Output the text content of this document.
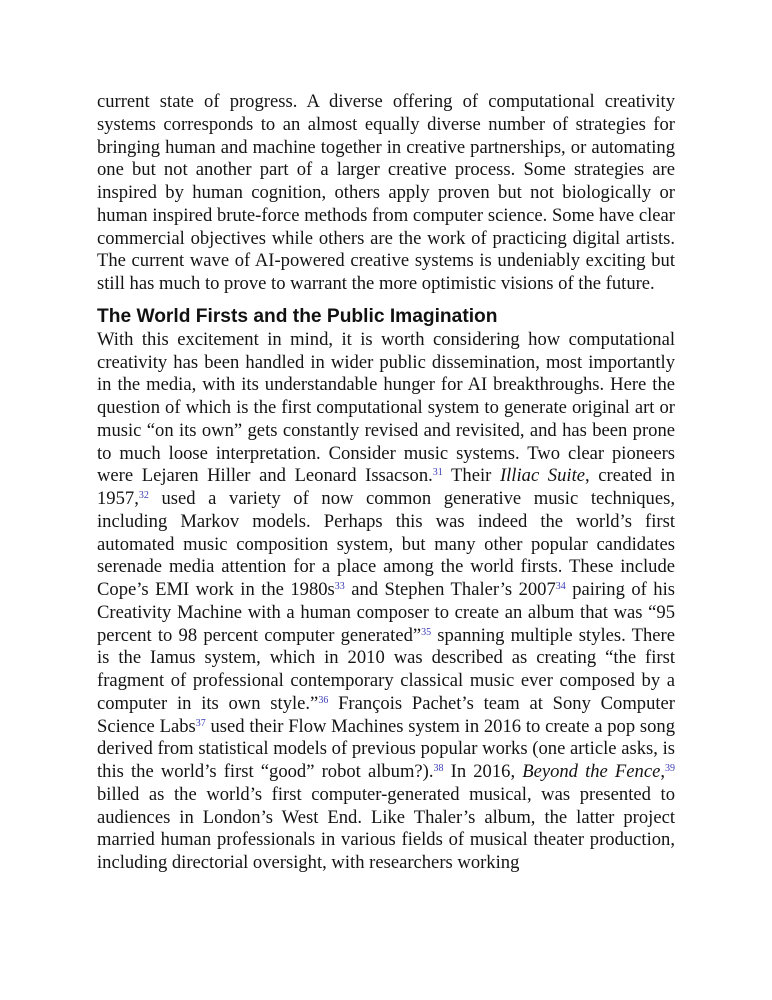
current state of progress. A diverse offering of computational creativity systems corresponds to an almost equally diverse number of strategies for bringing human and machine together in creative partnerships, or automating one but not another part of a larger creative process. Some strategies are inspired by human cognition, others apply proven but not biologically or human inspired brute-force methods from computer science. Some have clear commercial objectives while others are the work of practicing digital artists. The current wave of AI-powered creative systems is undeniably exciting but still has much to prove to warrant the more optimistic visions of the future.

The World Firsts and the Public Imagination

With this excitement in mind, it is worth considering how computational creativity has been handled in wider public dissemination, most importantly in the media, with its understandable hunger for AI breakthroughs. Here the question of which is the first computational system to generate original art or music “on its own” gets constantly revised and revisited, and has been prone to much loose interpretation. Consider music systems. Two clear pioneers were Lejaren Hiller and Leonard Issacson.$^{31}$ Their Illiac Suite, created in 1957,32 used a variety of now common generative music techniques, including Markov models. Perhaps this was indeed the world’s first automated music composition system, but many other popular candidates serenade media attention for a place among the world firsts. These include Cope’s EMI work in the 1980s$^{33}$ and Stephen Thaler’s 2007$^{34}$ pairing of his Creativity Machine with a human composer to create an album that was “95 percent to 98 percent computer generated”$^{35}$ spanning multiple styles. There is the Iamus system, which in 2010 was described as creating “the first fragment of professional contemporary classical music ever composed by a computer in its own style.”$^{36}$ François Pachet’s team at Sony Computer Science Labs$^{37}$ used their Flow Machines system in 2016 to create a pop song derived from statistical models of previous popular works (one article asks, is this the world’s first “good” robot album?).$^{38}$ In 2016, Beyond the Fence,$^{39}$ billed as the world’s first computer-generated musical, was presented to audiences in London’s West End. Like Thaler’s album, the latter project married human professionals in various fields of musical theater production, including directorial oversight, with researchers working
